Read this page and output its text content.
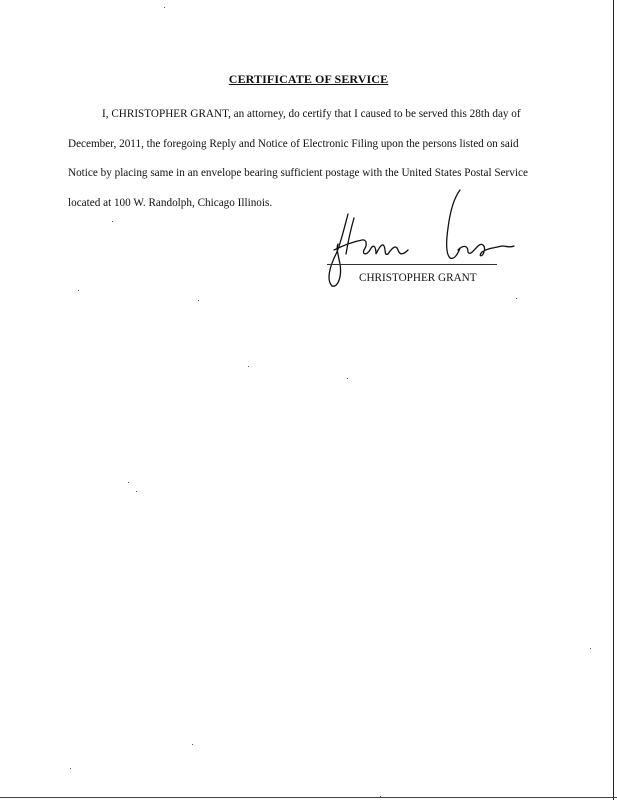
CERTIFICATE OF SERVICE

I, CHRISTOPHER GRANT, an attorney, do certify that I caused to be served this 28th day of December, 2011, the foregoing Reply and Notice of Electronic Filing upon the persons listed on said Notice by placing same in an envelope bearing sufficient postage with the United States Postal Service located at 100 W. Randolph, Chicago Illinois.

CHRISTOPHER GRANT
